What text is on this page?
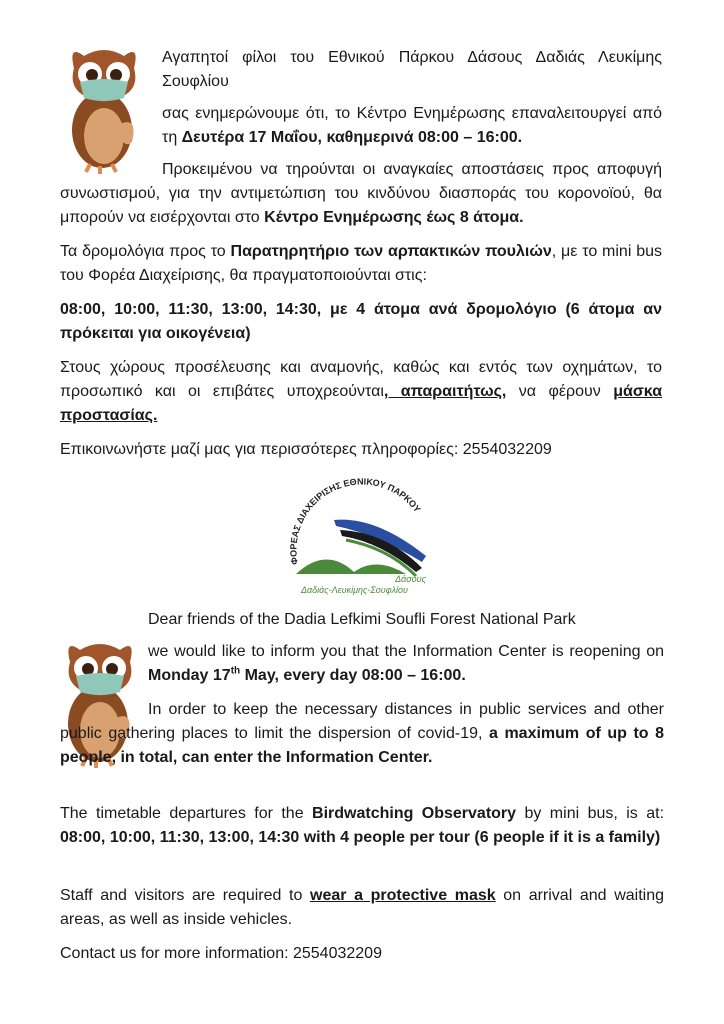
Αγαπητοί φίλοι του Εθνικού Πάρκου Δάσους Δαδιάς Λευκίμης Σουφλίου

σας ενημερώνουμε ότι, το Κέντρο Ενημέρωσης επαναλειτουργεί από τη Δευτέρα 17 Μαΐου, καθημερινά 08:00 – 16:00.

Προκειμένου να τηρούνται οι αναγκαίες αποστάσεις προς αποφυγή συνωστισμού, για την αντιμετώπιση του κινδύνου διασποράς του κορονοϊού, θα μπορούν να εισέρχονται στο Κέντρο Ενημέρωσης έως 8 άτομα.

Τα δρομολόγια προς το Παρατηρητήριο των αρπακτικών πουλιών, με το mini bus του Φορέα Διαχείρισης, θα πραγματοποιούνται στις:

08:00, 10:00, 11:30, 13:00, 14:30, με 4 άτομα ανά δρομολόγιο (6 άτομα αν πρόκειται για οικογένεια)

Στους χώρους προσέλευσης και αναμονής, καθώς και εντός των οχημάτων, το προσωπικό και οι επιβάτες υποχρεούνται, απαραιτήτως, να φέρουν μάσκα προστασίας.

Επικοινωνήστε μαζί μας για περισσότερες πληροφορίες: 2554032209

ΦΟΡΕΑΣ ΔΙΑΧΕΙΡΙΣΗΣ ΕΘΝΙΚΟΥ ΠΑΡΚΟΥ
Δάσους
Δαδιάς-Λευκίμης-Σουφλίου

Dear friends of the Dadia Lefkimi Soufli Forest National Park

we would like to inform you that the Information Center is reopening on Monday 17th May, every day 08:00 – 16:00.

In order to keep the necessary distances in public services and other public gathering places to limit the dispersion of covid-19, a maximum of up to 8 people, in total, can enter the Information Center.

The timetable departures for the Birdwatching Observatory by mini bus, is at: 08:00, 10:00, 11:30, 13:00, 14:30 with 4 people per tour (6 people if it is a family)

Staff and visitors are required to wear a protective mask on arrival and waiting areas, as well as inside vehicles.

Contact us for more information: 2554032209
